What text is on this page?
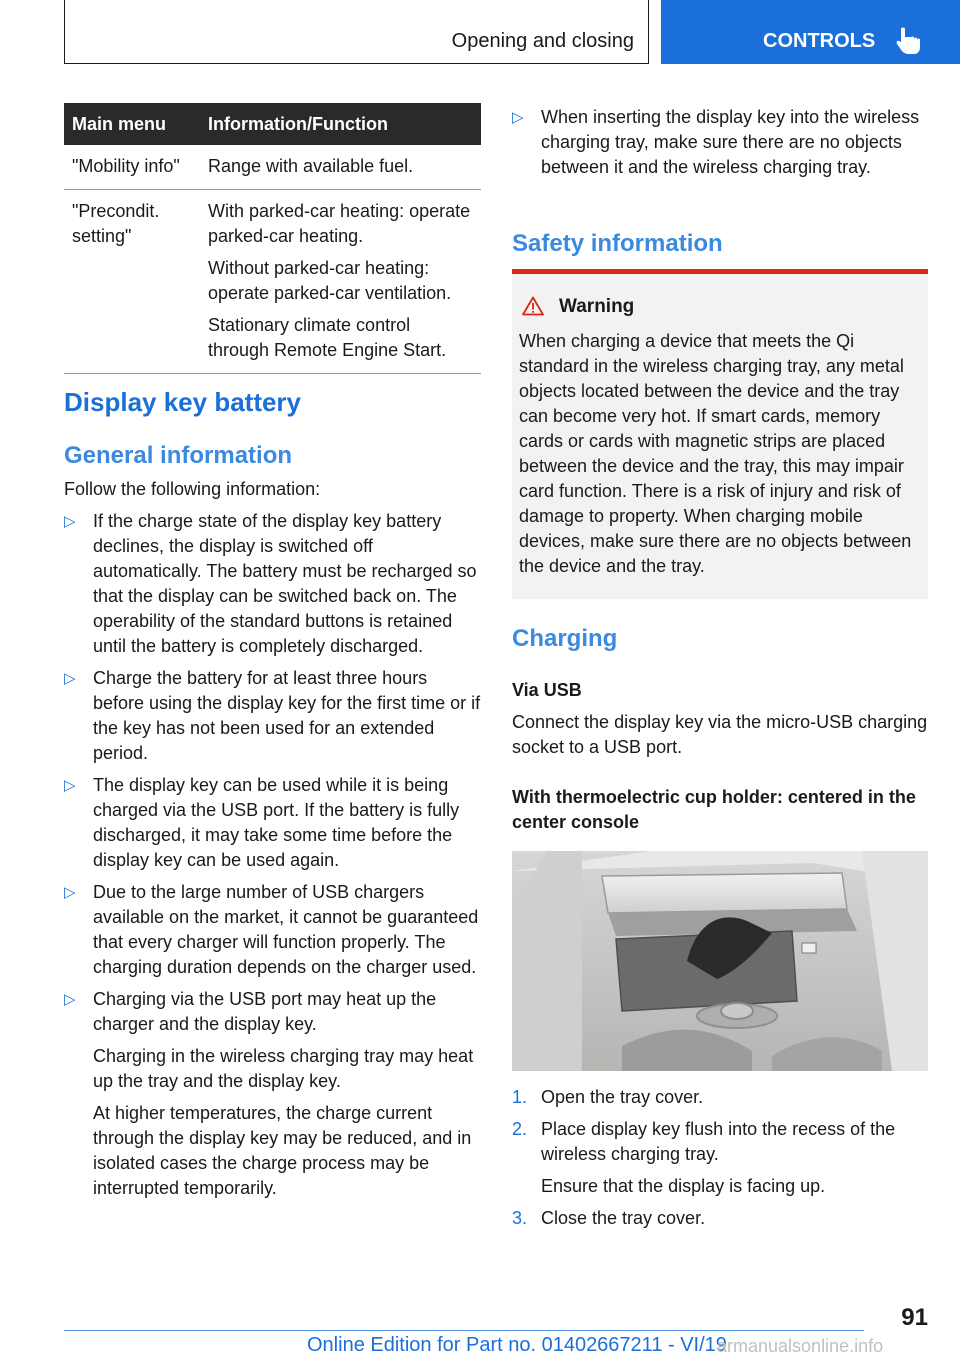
Opening and closing	CONTROLS
Main menu	Information/Function
"Mobility info"	Range with available fuel.

"Precondit. setting"	With parked-car heating: operate parked-car heating.

Without parked-car heating: operate parked-car ventilation.

Stationary climate control through Remote Engine Start.

Display key battery
General information
Follow the following information:
▷ If the charge state of the display key battery declines, the display is switched off automatically. The battery must be recharged so that the display can be switched back on. The operability of the standard buttons is retained until the battery is completely discharged.

▷ Charge the battery for at least three hours before using the display key for the first time or if the key has not been used for an extended period.

▷ The display key can be used while it is being charged via the USB port. If the battery is fully discharged, it may take some time before the display key can be used again.

▷ Due to the large number of USB chargers available on the market, it cannot be guaranteed that every charger will function properly. The charging duration depends on the charger used.

▷ Charging via the USB port may heat up the charger and the display key.

Charging in the wireless charging tray may heat up the tray and the display key.

At higher temperatures, the charge current through the display key may be reduced, and in isolated cases the charge process may be interrupted temporarily.

▷ When inserting the display key into the wireless charging tray, make sure there are no objects between it and the wireless charging tray.

Safety information
Warning
When charging a device that meets the Qi standard in the wireless charging tray, any metal objects located between the device and the tray can become very hot. If smart cards, memory cards or cards with magnetic strips are placed between the device and the tray, this may impair card function. There is a risk of injury and risk of damage to property. When charging mobile devices, make sure there are no objects between the device and the tray.
Charging
Via USB
Connect the display key via the micro-USB charging socket to a USB port.
With thermoelectric cup holder: centered in the center console
1. Open the tray cover.

2. Place display key flush into the recess of the wireless charging tray.

Ensure that the display is facing up.

3. Close the tray cover.

91
Online Edition for Part no. 01402667211 - VI/19
armanualsonline.info
